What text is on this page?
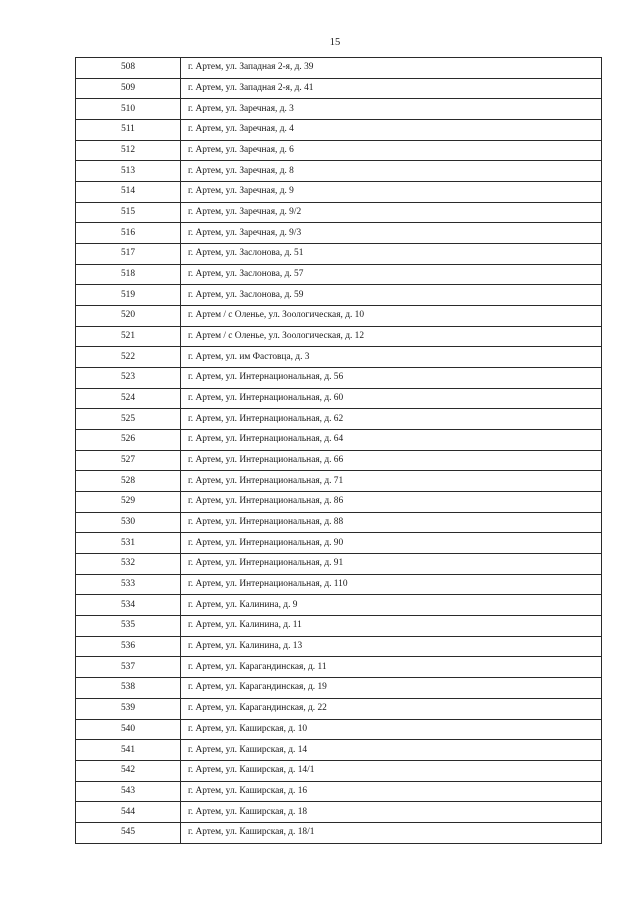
15
508	г. Артем, ул. Западная 2-я, д. 39
509	г. Артем, ул. Западная 2-я, д. 41
510	г. Артем, ул. Заречная, д. 3
511	г. Артем, ул. Заречная, д. 4
512	г. Артем, ул. Заречная, д. 6
513	г. Артем, ул. Заречная, д. 8
514	г. Артем, ул. Заречная, д. 9
515	г. Артем, ул. Заречная, д. 9/2
516	г. Артем, ул. Заречная, д. 9/3
517	г. Артем, ул. Заслонова, д. 51
518	г. Артем, ул. Заслонова, д. 57
519	г. Артем, ул. Заслонова, д. 59
520	г. Артем / с Оленье, ул. Зоологическая, д. 10
521	г. Артем / с Оленье, ул. Зоологическая, д. 12
522	г. Артем, ул. им Фастовца, д. 3
523	г. Артем, ул. Интернациональная, д. 56
524	г. Артем, ул. Интернациональная, д. 60
525	г. Артем, ул. Интернациональная, д. 62
526	г. Артем, ул. Интернациональная, д. 64
527	г. Артем, ул. Интернациональная, д. 66
528	г. Артем, ул. Интернациональная, д. 71
529	г. Артем, ул. Интернациональная, д. 86
530	г. Артем, ул. Интернациональная, д. 88
531	г. Артем, ул. Интернациональная, д. 90
532	г. Артем, ул. Интернациональная, д. 91
533	г. Артем, ул. Интернациональная, д. 110
534	г. Артем, ул. Калинина, д. 9
535	г. Артем, ул. Калинина, д. 11
536	г. Артем, ул. Калинина, д. 13
537	г. Артем, ул. Карагандинская, д. 11
538	г. Артем, ул. Карагандинская, д. 19
539	г. Артем, ул. Карагандинская, д. 22
540	г. Артем, ул. Каширская, д. 10
541	г. Артем, ул. Каширская, д. 14
542	г. Артем, ул. Каширская, д. 14/1
543	г. Артем, ул. Каширская, д. 16
544	г. Артем, ул. Каширская, д. 18
545	г. Артем, ул. Каширская, д. 18/1
